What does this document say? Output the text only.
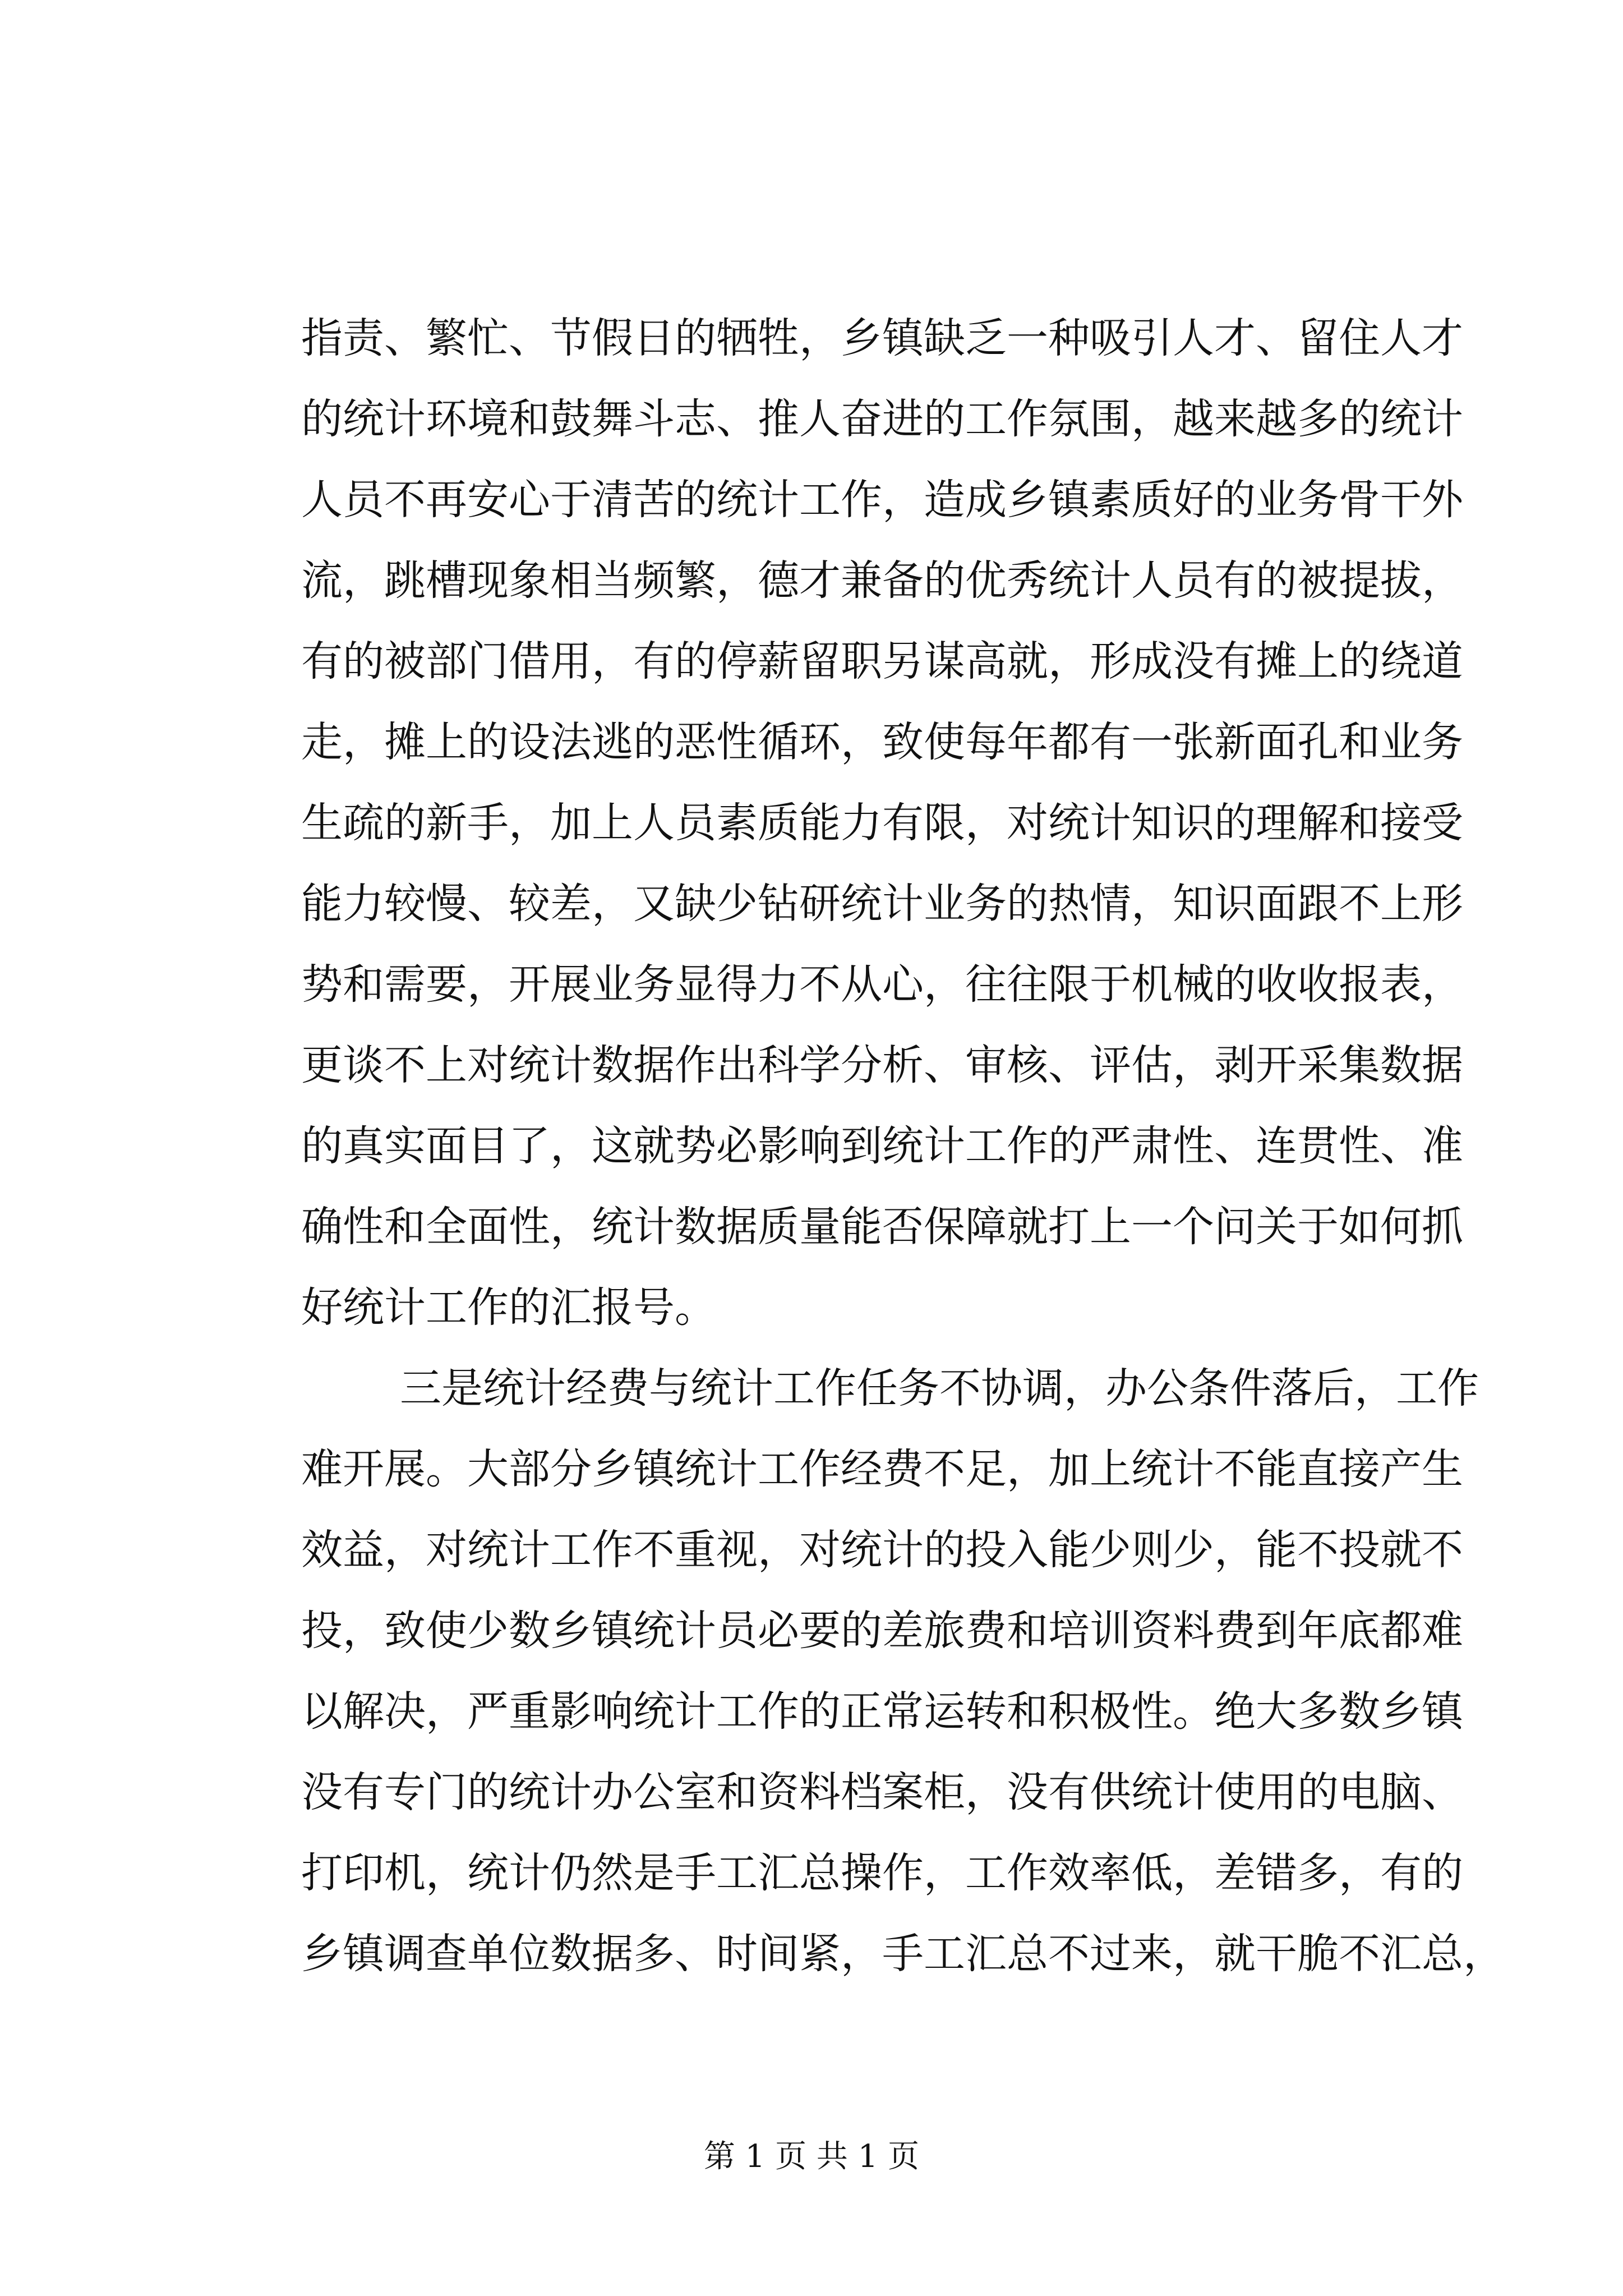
指责、繁忙、节假日的牺牲，乡镇缺乏一种吸引人才、留住人才
的统计环境和鼓舞斗志、推人奋进的工作氛围，越来越多的统计
人员不再安心于清苦的统计工作，造成乡镇素质好的业务骨干外
流，跳槽现象相当频繁，德才兼备的优秀统计人员有的被提拔，
有的被部门借用，有的停薪留职另谋高就，形成没有摊上的绕道
走，摊上的设法逃的恶性循环，致使每年都有一张新面孔和业务
生疏的新手，加上人员素质能力有限，对统计知识的理解和接受
能力较慢、较差，又缺少钻研统计业务的热情，知识面跟不上形
势和需要，开展业务显得力不从心，往往限于机械的收收报表，
更谈不上对统计数据作出科学分析、审核、评估，剥开采集数据
的真实面目了，这就势必影响到统计工作的严肃性、连贯性、准
确性和全面性，统计数据质量能否保障就打上一个问关于如何抓
好统计工作的汇报号。
三是统计经费与统计工作任务不协调，办公条件落后，工作
难开展。大部分乡镇统计工作经费不足，加上统计不能直接产生
效益，对统计工作不重视，对统计的投入能少则少，能不投就不
投，致使少数乡镇统计员必要的差旅费和培训资料费到年底都难
以解决，严重影响统计工作的正常运转和积极性。绝大多数乡镇
没有专门的统计办公室和资料档案柜，没有供统计使用的电脑、
打印机，统计仍然是手工汇总操作，工作效率低，差错多，有的
乡镇调查单位数据多、时间紧，手工汇总不过来，就干脆不汇总，
第 1 页 共 1 页
